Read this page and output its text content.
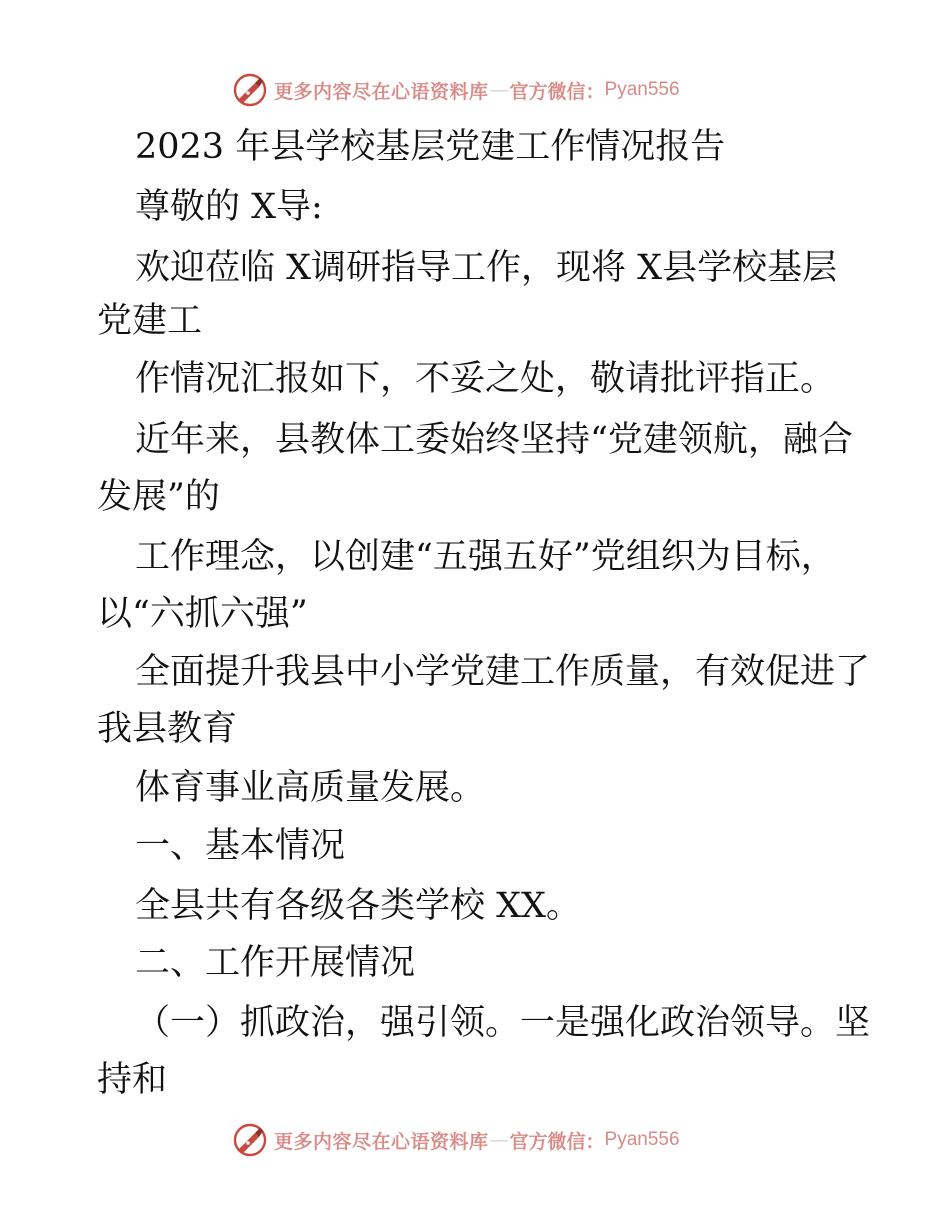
更多内容尽在心语资料库 — 官方微信： Pyan556
2023 年县学校基层党建工作情况报告
尊敬的 X导:
欢迎莅临 X调研指导工作，现将 X县学校基层
党建工
作情况汇报如下，不妥之处，敬请批评指正。
近年来，县教体工委始终坚持“党建领航，融合
发展”的
工作理念，以创建“五强五好”党组织为目标，
以“六抓六强”
全面提升我县中小学党建工作质量，有效促进了
我县教育
体育事业高质量发展。
一、基本情况
全县共有各级各类学校 XX。
二、工作开展情况
（一）抓政治，强引领。一是强化政治领导。坚
持和
更多内容尽在心语资料库 — 官方微信： Pyan556
